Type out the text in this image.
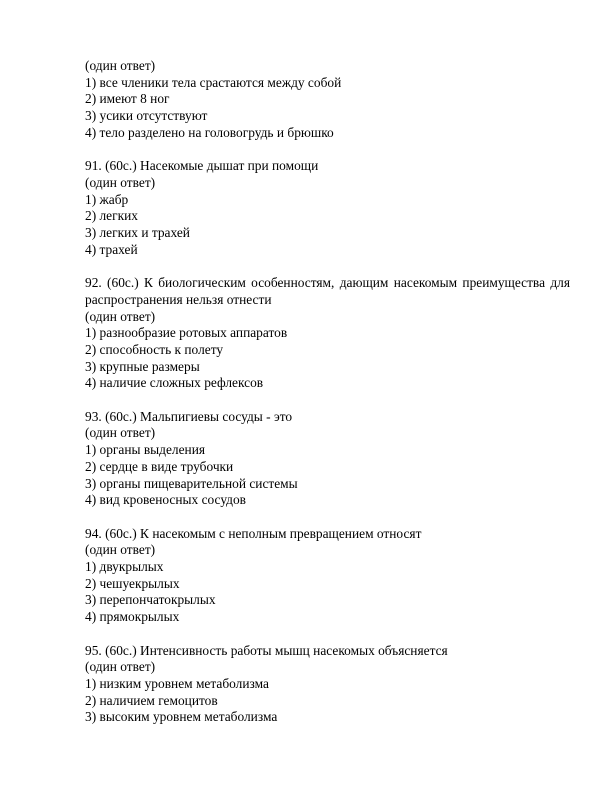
(один ответ)
1) все членики тела срастаются между собой
2) имеют 8 ног
3) усики отсутствуют
4) тело разделено на головогрудь и брюшко
91. (60с.) Насекомые дышат при помощи
(один ответ)
1) жабр
2) легких
3) легких и трахей
4) трахей
92. (60с.) К биологическим особенностям, дающим насекомым преимущества для распространения нельзя отнести
(один ответ)
1) разнообразие ротовых аппаратов
2) способность к полету
3) крупные размеры
4) наличие сложных рефлексов
93. (60с.) Мальпигиевы сосуды - это
(один ответ)
1) органы выделения
2) сердце в виде трубочки
3) органы пищеварительной системы
4) вид кровеносных сосудов
94. (60с.) К насекомым с неполным превращением относят
(один ответ)
1) двукрылых
2) чешуекрылых
3) перепончатокрылых
4) прямокрылых
95. (60с.) Интенсивность работы мышц насекомых объясняется
(один ответ)
1) низким уровнем метаболизма
2) наличием гемоцитов
3) высоким уровнем метаболизма
